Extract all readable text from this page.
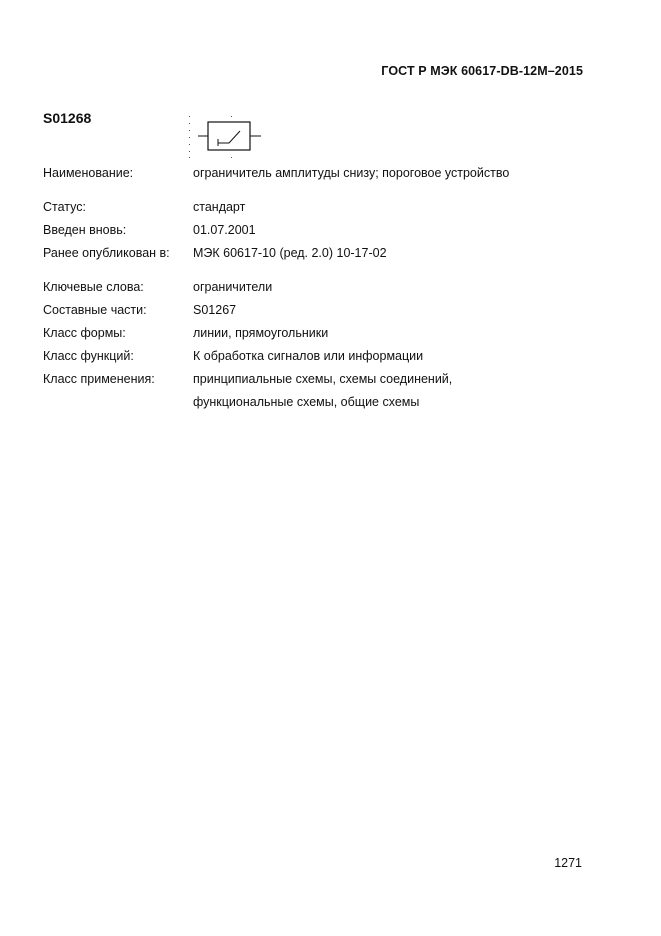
ГОСТ Р МЭК 60617-DB-12M–2015
S01268
Наименование:	ограничитель амплитуды снизу; пороговое устройство
Статус:	стандарт
Введен вновь:	01.07.2001
Ранее опубликован в: МЭК 60617-10 (ред. 2.0) 10-17-02
Ключевые слова:	ограничители
Составные части:	S01267
Класс формы:	линии, прямоугольники
Класс функций:	К обработка сигналов или информации
Класс применения:	принципиальные схемы, схемы соединений,
функциональные схемы, общие схемы
1271
